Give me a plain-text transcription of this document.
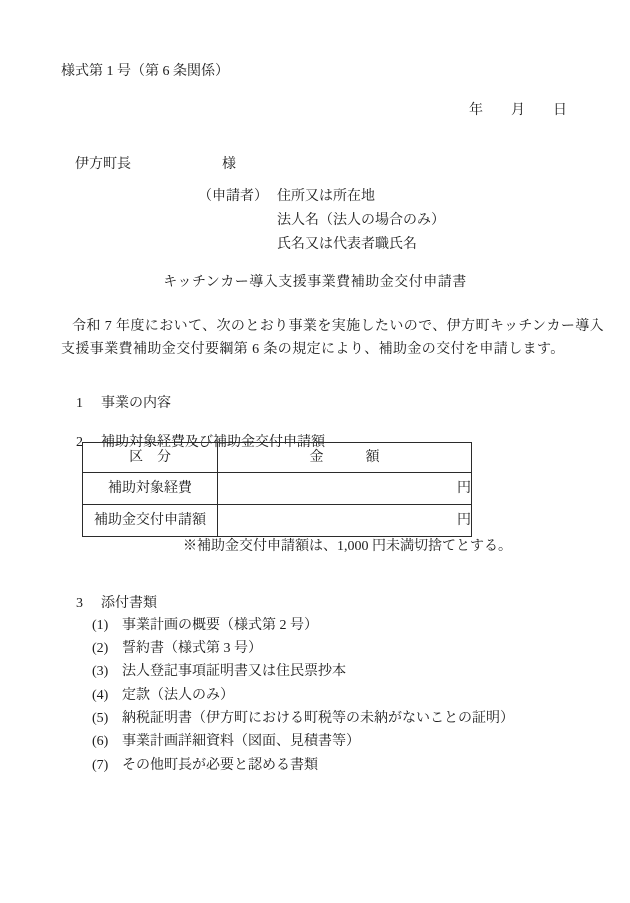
様式第 1 号（第 6 条関係）
年　　月　　日

伊方町長	様

（申請者） 住所又は所在地
法人名（法人の場合のみ）
氏名又は代表者職氏名
キッチンカー導入支援事業費補助金交付申請書
令和 7 年度において、次のとおり事業を実施したいので、伊方町キッチンカー導入
支援事業費補助金交付要綱第 6 条の規定により、補助金の交付を申請します。

1 事業の内容

2 補助対象経費及び補助金交付申請額

区　分	金　　　額
補助対象経費	円
補助金交付申請額	円
※補助金交付申請額は、1,000 円未満切捨てとする。

3 添付書類

(1) 事業計画の概要（様式第 2 号）

(2) 誓約書（様式第 3 号）

(3) 法人登記事項証明書又は住民票抄本

(4) 定款（法人のみ）

(5) 納税証明書（伊方町における町税等の未納がないことの証明）

(6) 事業計画詳細資料（図面、見積書等）

(7) その他町長が必要と認める書類
